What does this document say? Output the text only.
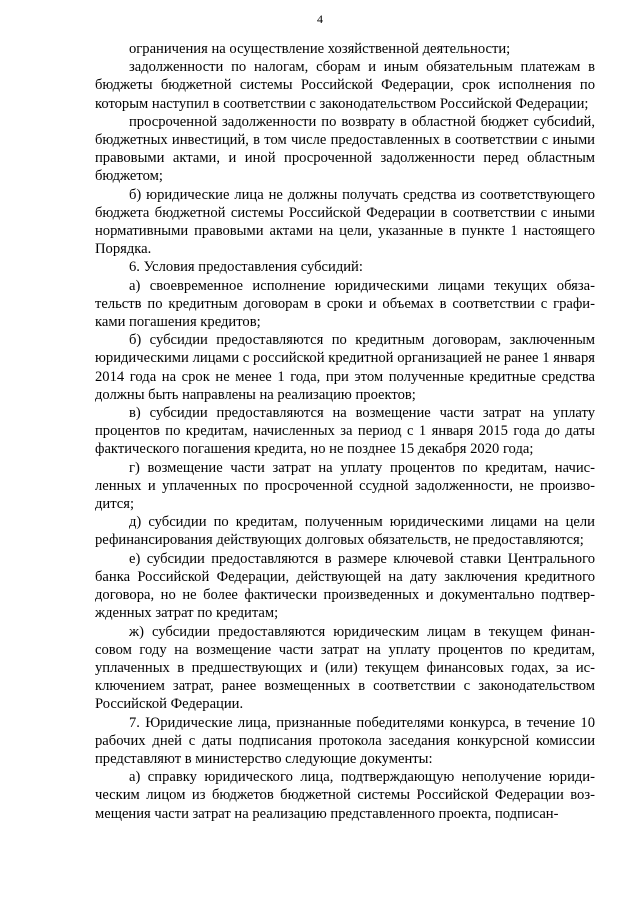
4

ограничения на осуществление хозяйственной деятельности;

задолженности по налогам, сборам и иным обязательным платежам в бюджеты бюджетной системы Российской Федерации, срок исполнения по которым наступил в соответствии с законодательством Российской Федерации;

просроченной задолженности по возврату в областной бюджет субсиdий, бюджетных инвестиций, в том числе предоставленных в соответствии с иными правовыми актами, и иной просроченной задолженности перед областным бюджетом;

б) юридические лица не должны получать средства из соответствующего бюджета бюджетной системы Российской Федерации в соответствии с иными нормативными правовыми актами на цели, указанные в пункте 1 настоящего Порядка.

6. Условия предоставления субсидий:

а) своевременное исполнение юридическими лицами текущих обязательств по кредитным договорам в сроки и объемах в соответствии с графиками погашения кредитов;

б) субсидии предоставляются по кредитным договорам, заключенным юридическими лицами с российской кредитной организацией не ранее 1 января 2014 года на срок не менее 1 года, при этом полученные кредитные средства должны быть направлены на реализацию проектов;

в) субсидии предоставляются на возмещение части затрат на уплату процентов по кредитам, начисленных за период с 1 января 2015 года до даты фактического погашения кредита, но не позднее 15 декабря 2020 года;

г) возмещение части затрат на уплату процентов по кредитам, начисленных и уплаченных по просроченной ссудной задолженности, не производится;

д) субсидии по кредитам, полученным юридическими лицами на цели рефинансирования действующих долговых обязательств, не предоставляются;

е) субсидии предоставляются в размере ключевой ставки Центрального банка Российской Федерации, действующей на дату заключения кредитного договора, но не более фактически произведенных и документально подтвержденных затрат по кредитам;

ж) субсидии предоставляются юридическим лицам в текущем финансовом году на возмещение части затрат на уплату процентов по кредитам, уплаченных в предшествующих и (или) текущем финансовых годах, за исключением затрат, ранее возмещенных в соответствии с законодательством Российской Федерации.

7. Юридические лица, признанные победителями конкурса, в течение 10 рабочих дней с даты подписания протокола заседания конкурсной комиссии представляют в министерство следующие документы:

а) справку юридического лица, подтверждающую неполучение юридическим лицом из бюджетов бюджетной системы Российской Федерации возмещения части затрат на реализацию представленного проекта, подписан-
